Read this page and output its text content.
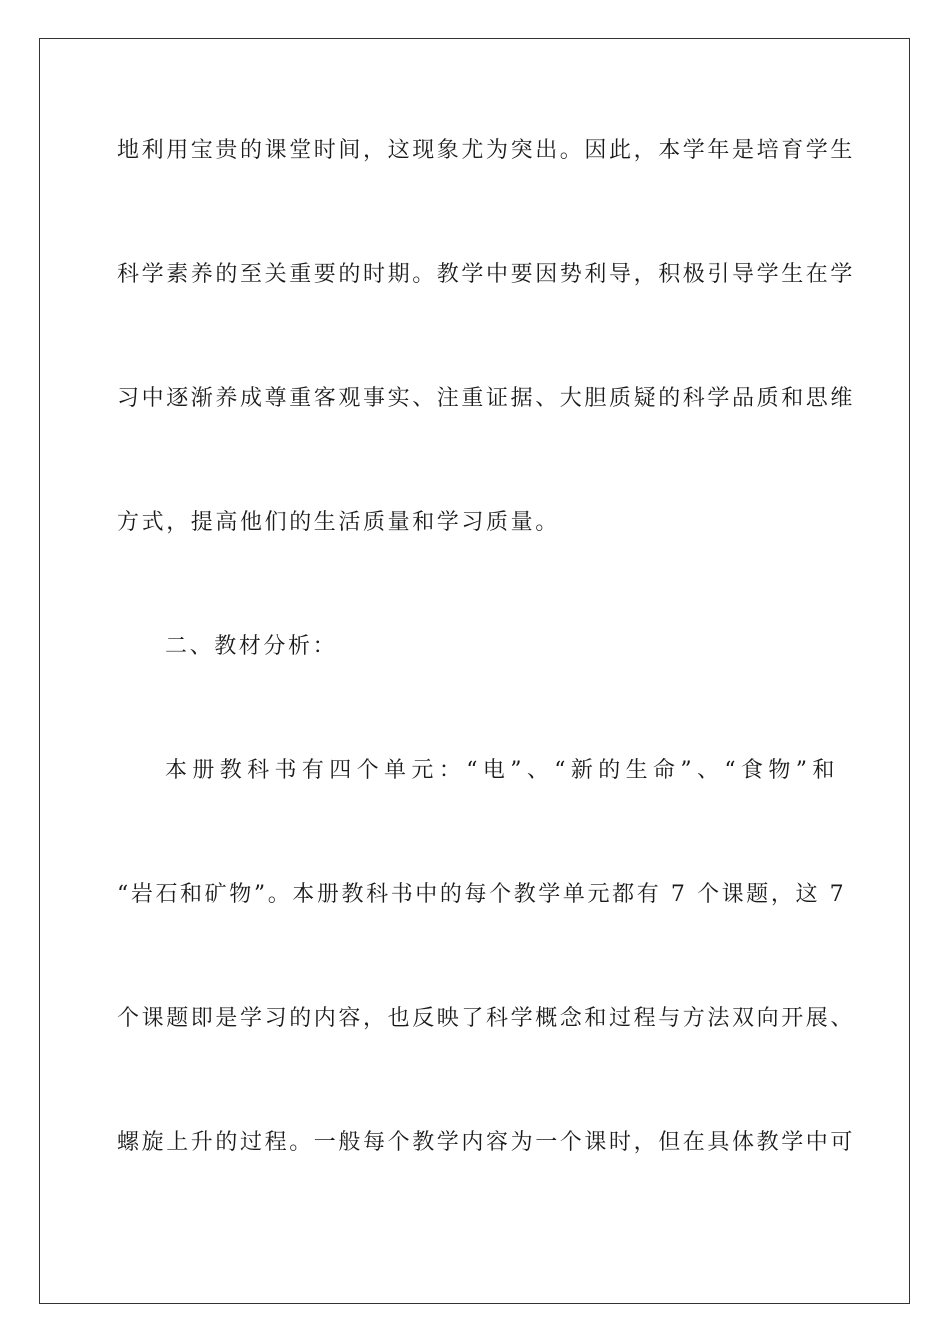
地利用宝贵的课堂时间，这现象尤为突出。因此，本学年是培育学生
科学素养的至关重要的时期。教学中要因势利导，积极引导学生在学
习中逐渐养成尊重客观事实、注重证据、大胆质疑的科学品质和思维
方式，提高他们的生活质量和学习质量。
二、教材分析：
本册教科书有四个单元：“电”、“新的生命”、“食物”和
“岩石和矿物”。本册教科书中的每个教学单元都有 7 个课题，这 7
个课题即是学习的内容，也反映了科学概念和过程与方法双向开展、
螺旋上升的过程。一般每个教学内容为一个课时，但在具体教学中可
